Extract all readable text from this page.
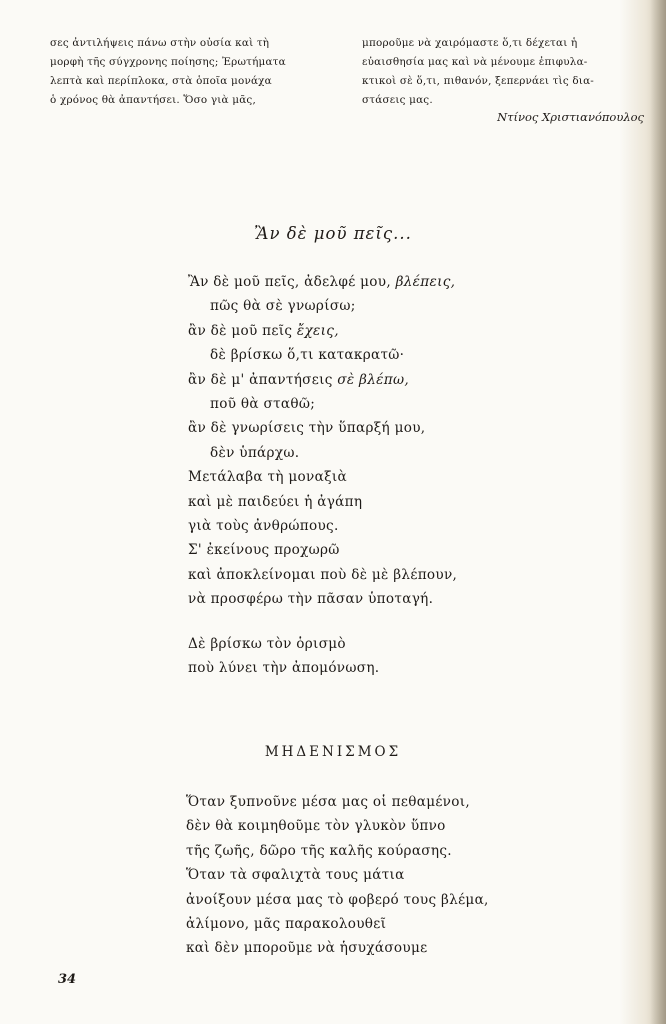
σες ἀντιλήψεις πάνω στὴν οὐσία καὶ τὴ
μορφὴ τῆς σύγχρονης ποίησης; Ἐρωτήματα
λεπτὰ καὶ περίπλοκα, στὰ ὁποῖα μονάχα
ὁ χρόνος θὰ ἀπαντήσει. Ὅσο γιὰ μᾶς,
μποροῦμε νὰ χαιρόμαστε ὅ,τι δέχεται ἡ
εὐαισθησία μας καὶ νὰ μένουμε ἐπιφυλα-
κτικοὶ σὲ ὅ,τι, πιθανόν, ξεπερνάει τὶς δια-
στάσεις μας.
Ντίνος Χριστιανόπουλος
Ἂν δὲ μοῦ πεῖς...
Ἂν δὲ μοῦ πεῖς, ἀδελφέ μου, βλέπεις,
πῶς θὰ σὲ γνωρίσω;
ἂν δὲ μοῦ πεῖς ἔχεις,
δὲ βρίσκω ὅ,τι κατακρατῶ·
ἂν δὲ μ' ἀπαντήσεις σὲ βλέπω,
ποῦ θὰ σταθῶ;
ἂν δὲ γνωρίσεις τὴν ὕπαρξή μου,
δὲν ὑπάρχω.
Μετάλαβα τὴ μοναξιὰ
καὶ μὲ παιδεύει ἡ ἀγάπη
γιὰ τοὺς ἀνθρώπους.
Σ' ἐκείνους προχωρῶ
καὶ ἀποκλείνομαι ποὺ δὲ μὲ βλέπουν,
νὰ προσφέρω τὴν πᾶσαν ὑποταγή.
Δὲ βρίσκω τὸν ὁρισμὸ
ποὺ λύνει τὴν ἀπομόνωση.
ΜΗΔΕΝΙΣΜΟΣ
Ὅταν ξυπνοῦνε μέσα μας οἱ πεθαμένοι,
δὲν θὰ κοιμηθοῦμε τὸν γλυκὸν ὕπνο
τῆς ζωῆς, δῶρο τῆς καλῆς κούρασης.
Ὅταν τὰ σφαλιχτὰ τους μάτια
ἀνοίξουν μέσα μας τὸ φοβερό τους βλέμα,
ἀλίμονο, μᾶς παρακολουθεῖ
καὶ δὲν μποροῦμε νὰ ἡσυχάσουμε
34
